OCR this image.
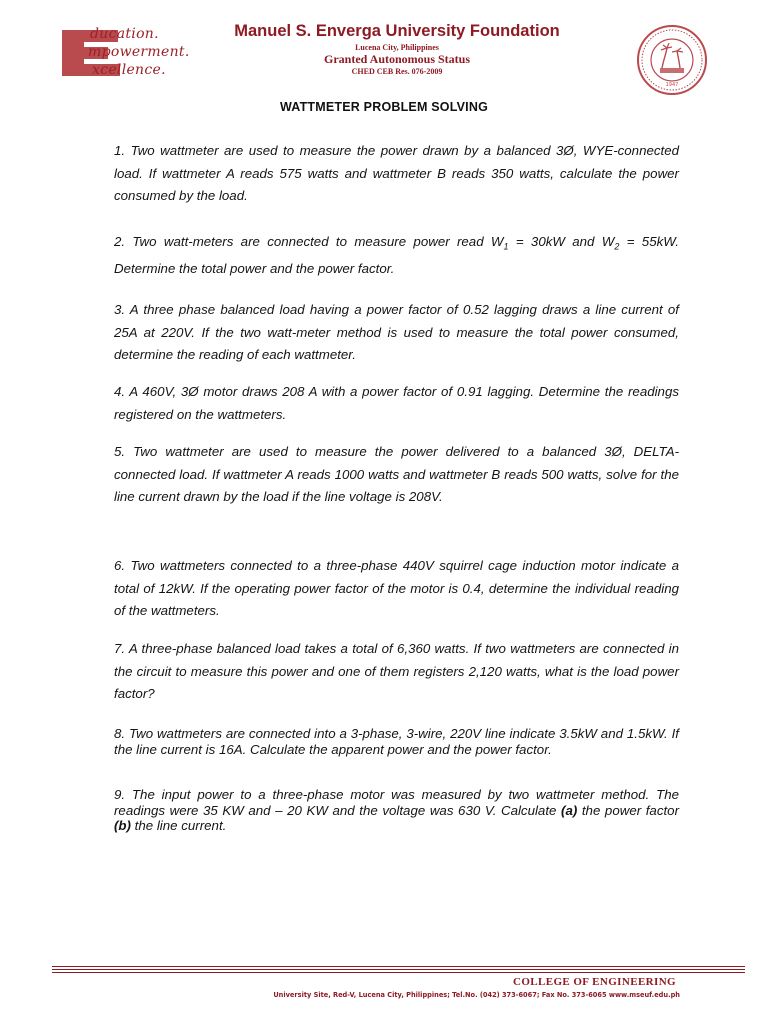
ducation.
mpowerment.
xcellence.
Manuel S. Enverga University Foundation
Lucena City, Philippines
Granted Autonomous Status
CHED CEB Res. 076-2009
1947
WATTMETER PROBLEM SOLVING
1. Two wattmeter are used to measure the power drawn by a balanced 3Ø, WYE-connected load. If wattmeter A reads 575 watts and wattmeter B reads 350 watts, calculate the power consumed by the load.
2. Two watt-meters are connected to measure power read $W_1 = 30kW$ and $W_2 = 55kW$. Determine the total power and the power factor.
3. A three phase balanced load having a power factor of 0.52 lagging draws a line current of 25A at 220V. If the two watt-meter method is used to measure the total power consumed, determine the reading of each wattmeter.
4. A 460V, 3Ø motor draws 208 A with a power factor of 0.91 lagging. Determine the readings registered on the wattmeters.
5. Two wattmeter are used to measure the power delivered to a balanced 3Ø, DELTA-connected load. If wattmeter A reads 1000 watts and wattmeter B reads 500 watts, solve for the line current drawn by the load if the line voltage is 208V.
6. Two wattmeters connected to a three-phase 440V squirrel cage induction motor indicate a total of 12kW. If the operating power factor of the motor is 0.4, determine the individual reading of the wattmeters.
7. A three-phase balanced load takes a total of 6,360 watts. If two wattmeters are connected in the circuit to measure this power and one of them registers 2,120 watts, what is the load power factor?
8. Two wattmeters are connected into a 3-phase, 3-wire, 220V line indicate 3.5kW and 1.5kW. If the line current is 16A. Calculate the apparent power and the power factor.
9. The input power to a three-phase motor was measured by two wattmeter method. The readings were 35 KW and – 20 KW and the voltage was 630 V. Calculate (a) the power factor (b) the line current.
COLLEGE OF ENGINEERING
University Site, Red-V, Lucena City, Philippines; Tel.No. (042) 373-6067; Fax No. 373-6065 www.mseuf.edu.ph
